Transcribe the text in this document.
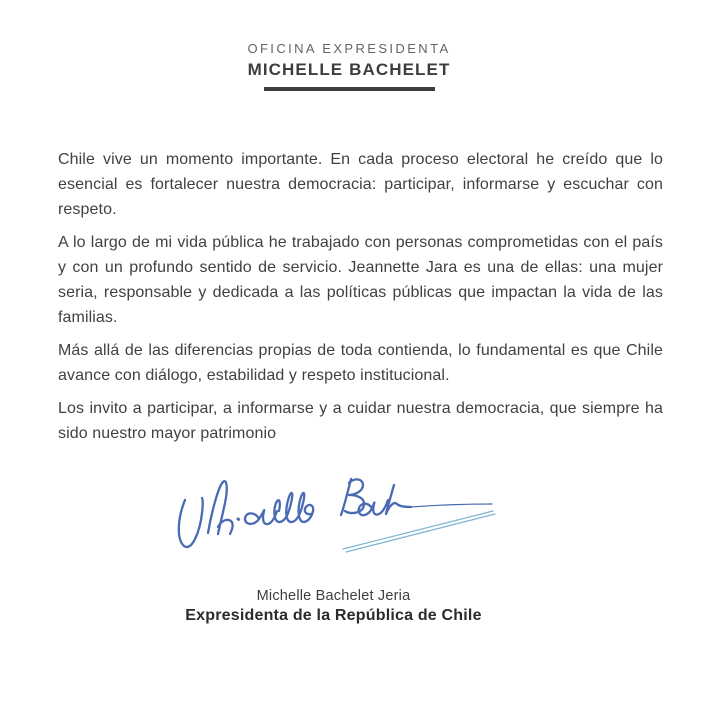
OFICINA EXPRESIDENTA
MICHELLE BACHELET

Chile vive un momento importante. En cada proceso electoral he creído que lo esencial es fortalecer nuestra democracia: participar, informarse y escuchar con respeto.

A lo largo de mi vida pública he trabajado con personas comprometidas con el país y con un profundo sentido de servicio. Jeannette Jara es una de ellas: una mujer seria, responsable y dedicada a las políticas públicas que impactan la vida de las familias.

Más allá de las diferencias propias de toda contienda, lo fundamental es que Chile avance con diálogo, estabilidad y respeto institucional.

Los invito a participar, a informarse y a cuidar nuestra democracia, que siempre ha sido nuestro mayor patrimonio

Michelle Bachelet Jeria
Expresidenta de la República de Chile
